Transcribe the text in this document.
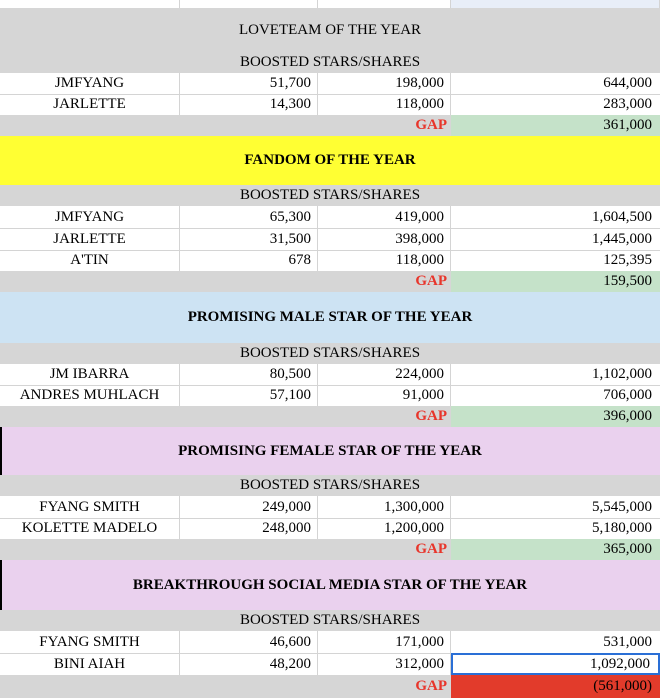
LOVETEAM OF THE YEAR
BOOSTED STARS/SHARES
JMFYANG	51,700	198,000	644,000
JARLETTE	14,300	118,000	283,000
GAP	361,000
FANDOM OF THE YEAR
BOOSTED STARS/SHARES
JMFYANG	65,300	419,000	1,604,500
JARLETTE	31,500	398,000	1,445,000
A'TIN	678	118,000	125,395
GAP	159,500
PROMISING MALE STAR OF THE YEAR
BOOSTED STARS/SHARES
JM IBARRA	80,500	224,000	1,102,000
ANDRES MUHLACH	57,100	91,000	706,000
GAP	396,000
PROMISING FEMALE STAR OF THE YEAR
BOOSTED STARS/SHARES
FYANG SMITH	249,000	1,300,000	5,545,000
KOLETTE MADELO	248,000	1,200,000	5,180,000
GAP	365,000
BREAKTHROUGH SOCIAL MEDIA STAR OF THE YEAR
BOOSTED STARS/SHARES
FYANG SMITH	46,600	171,000	531,000
BINI AIAH	48,200	312,000	1,092,000
GAP	(561,000)
